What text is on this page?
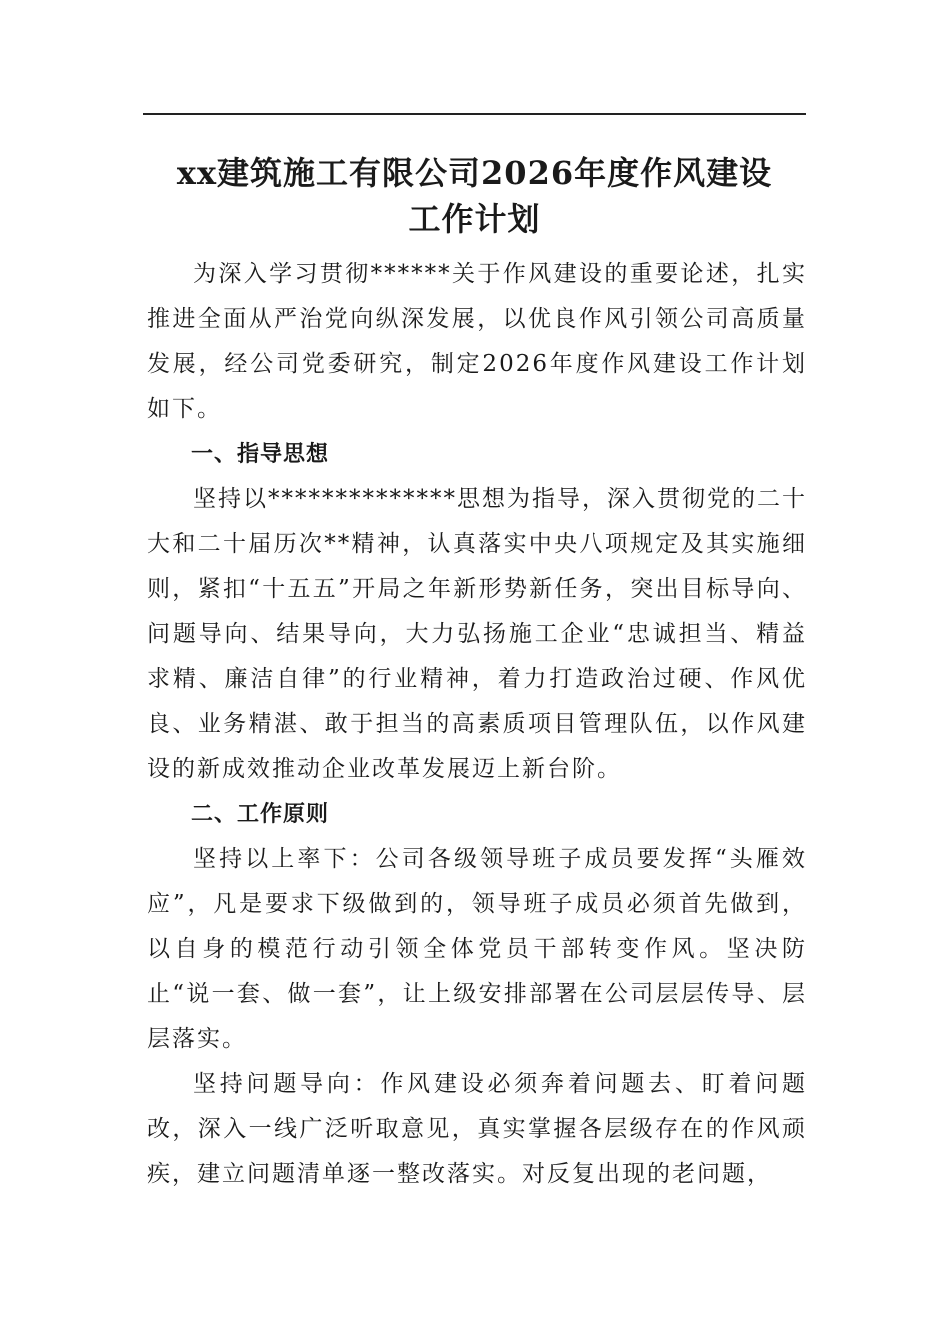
xx建筑施工有限公司2026年度作风建设
工作计划

为深入学习贯彻******关于作风建设的重要论述，扎实推进全面从严治党向纵深发展，以优良作风引领公司高质量发展，经公司党委研究，制定2026年度作风建设工作计划如下。

一、指导思想

坚持以**************思想为指导，深入贯彻党的二十大和二十届历次**精神，认真落实中央八项规定及其实施细则，紧扣“十五五”开局之年新形势新任务，突出目标导向、问题导向、结果导向，大力弘扬施工企业“忠诚担当、精益求精、廉洁自律”的行业精神，着力打造政治过硬、作风优良、业务精湛、敢于担当的高素质项目管理队伍，以作风建设的新成效推动企业改革发展迈上新台阶。

二、工作原则

坚持以上率下：公司各级领导班子成员要发挥“头雁效应”，凡是要求下级做到的，领导班子成员必须首先做到，以自身的模范行动引领全体党员干部转变作风。坚决防止“说一套、做一套”，让上级安排部署在公司层层传导、层层落实。

坚持问题导向：作风建设必须奔着问题去、盯着问题改，深入一线广泛听取意见，真实掌握各层级存在的作风顽疾，建立问题清单逐一整改落实。对反复出现的老问题，
